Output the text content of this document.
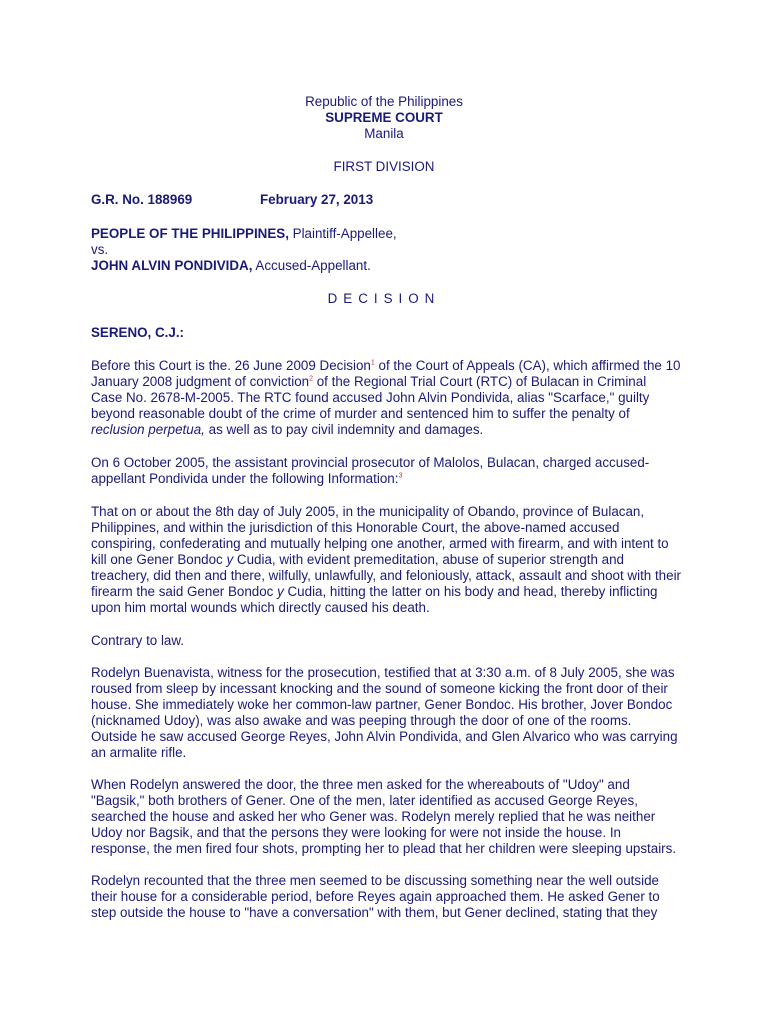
Republic of the Philippines
SUPREME COURT
Manila
FIRST DIVISION
G.R. No. 188969	February 27, 2013
PEOPLE OF THE PHILIPPINES, Plaintiff-Appellee,
vs.
JOHN ALVIN PONDIVIDA, Accused-Appellant.
DECISION
SERENO, C.J.:

Before this Court is the. 26 June 2009 Decision$^1$ of the Court of Appeals (CA), which affirmed the 10 January 2008 judgment of conviction$^2$ of the Regional Trial Court (RTC) of Bulacan in Criminal Case No. 2678-M-2005. The RTC found accused John Alvin Pondivida, alias "Scarface," guilty beyond reasonable doubt of the crime of murder and sentenced him to suffer the penalty of reclusion perpetua, as well as to pay civil indemnity and damages.

On 6 October 2005, the assistant provincial prosecutor of Malolos, Bulacan, charged accused-appellant Pondivida under the following Information:$^3$

That on or about the 8th day of July 2005, in the municipality of Obando, province of Bulacan, Philippines, and within the jurisdiction of this Honorable Court, the above-named accused conspiring, confederating and mutually helping one another, armed with firearm, and with intent to kill one Gener Bondoc y Cudia, with evident premeditation, abuse of superior strength and treachery, did then and there, wilfully, unlawfully, and feloniously, attack, assault and shoot with their firearm the said Gener Bondoc y Cudia, hitting the latter on his body and head, thereby inflicting upon him mortal wounds which directly caused his death.

Contrary to law.

Rodelyn Buenavista, witness for the prosecution, testified that at 3:30 a.m. of 8 July 2005, she was roused from sleep by incessant knocking and the sound of someone kicking the front door of their house. She immediately woke her common-law partner, Gener Bondoc. His brother, Jover Bondoc (nicknamed Udoy), was also awake and was peeping through the door of one of the rooms. Outside he saw accused George Reyes, John Alvin Pondivida, and Glen Alvarico who was carrying an armalite rifle.

When Rodelyn answered the door, the three men asked for the whereabouts of "Udoy" and "Bagsik," both brothers of Gener. One of the men, later identified as accused George Reyes, searched the house and asked her who Gener was. Rodelyn merely replied that he was neither Udoy nor Bagsik, and that the persons they were looking for were not inside the house. In response, the men fired four shots, prompting her to plead that her children were sleeping upstairs.

Rodelyn recounted that the three men seemed to be discussing something near the well outside their house for a considerable period, before Reyes again approached them. He asked Gener to step outside the house to "have a conversation" with them, but Gener declined, stating that they
